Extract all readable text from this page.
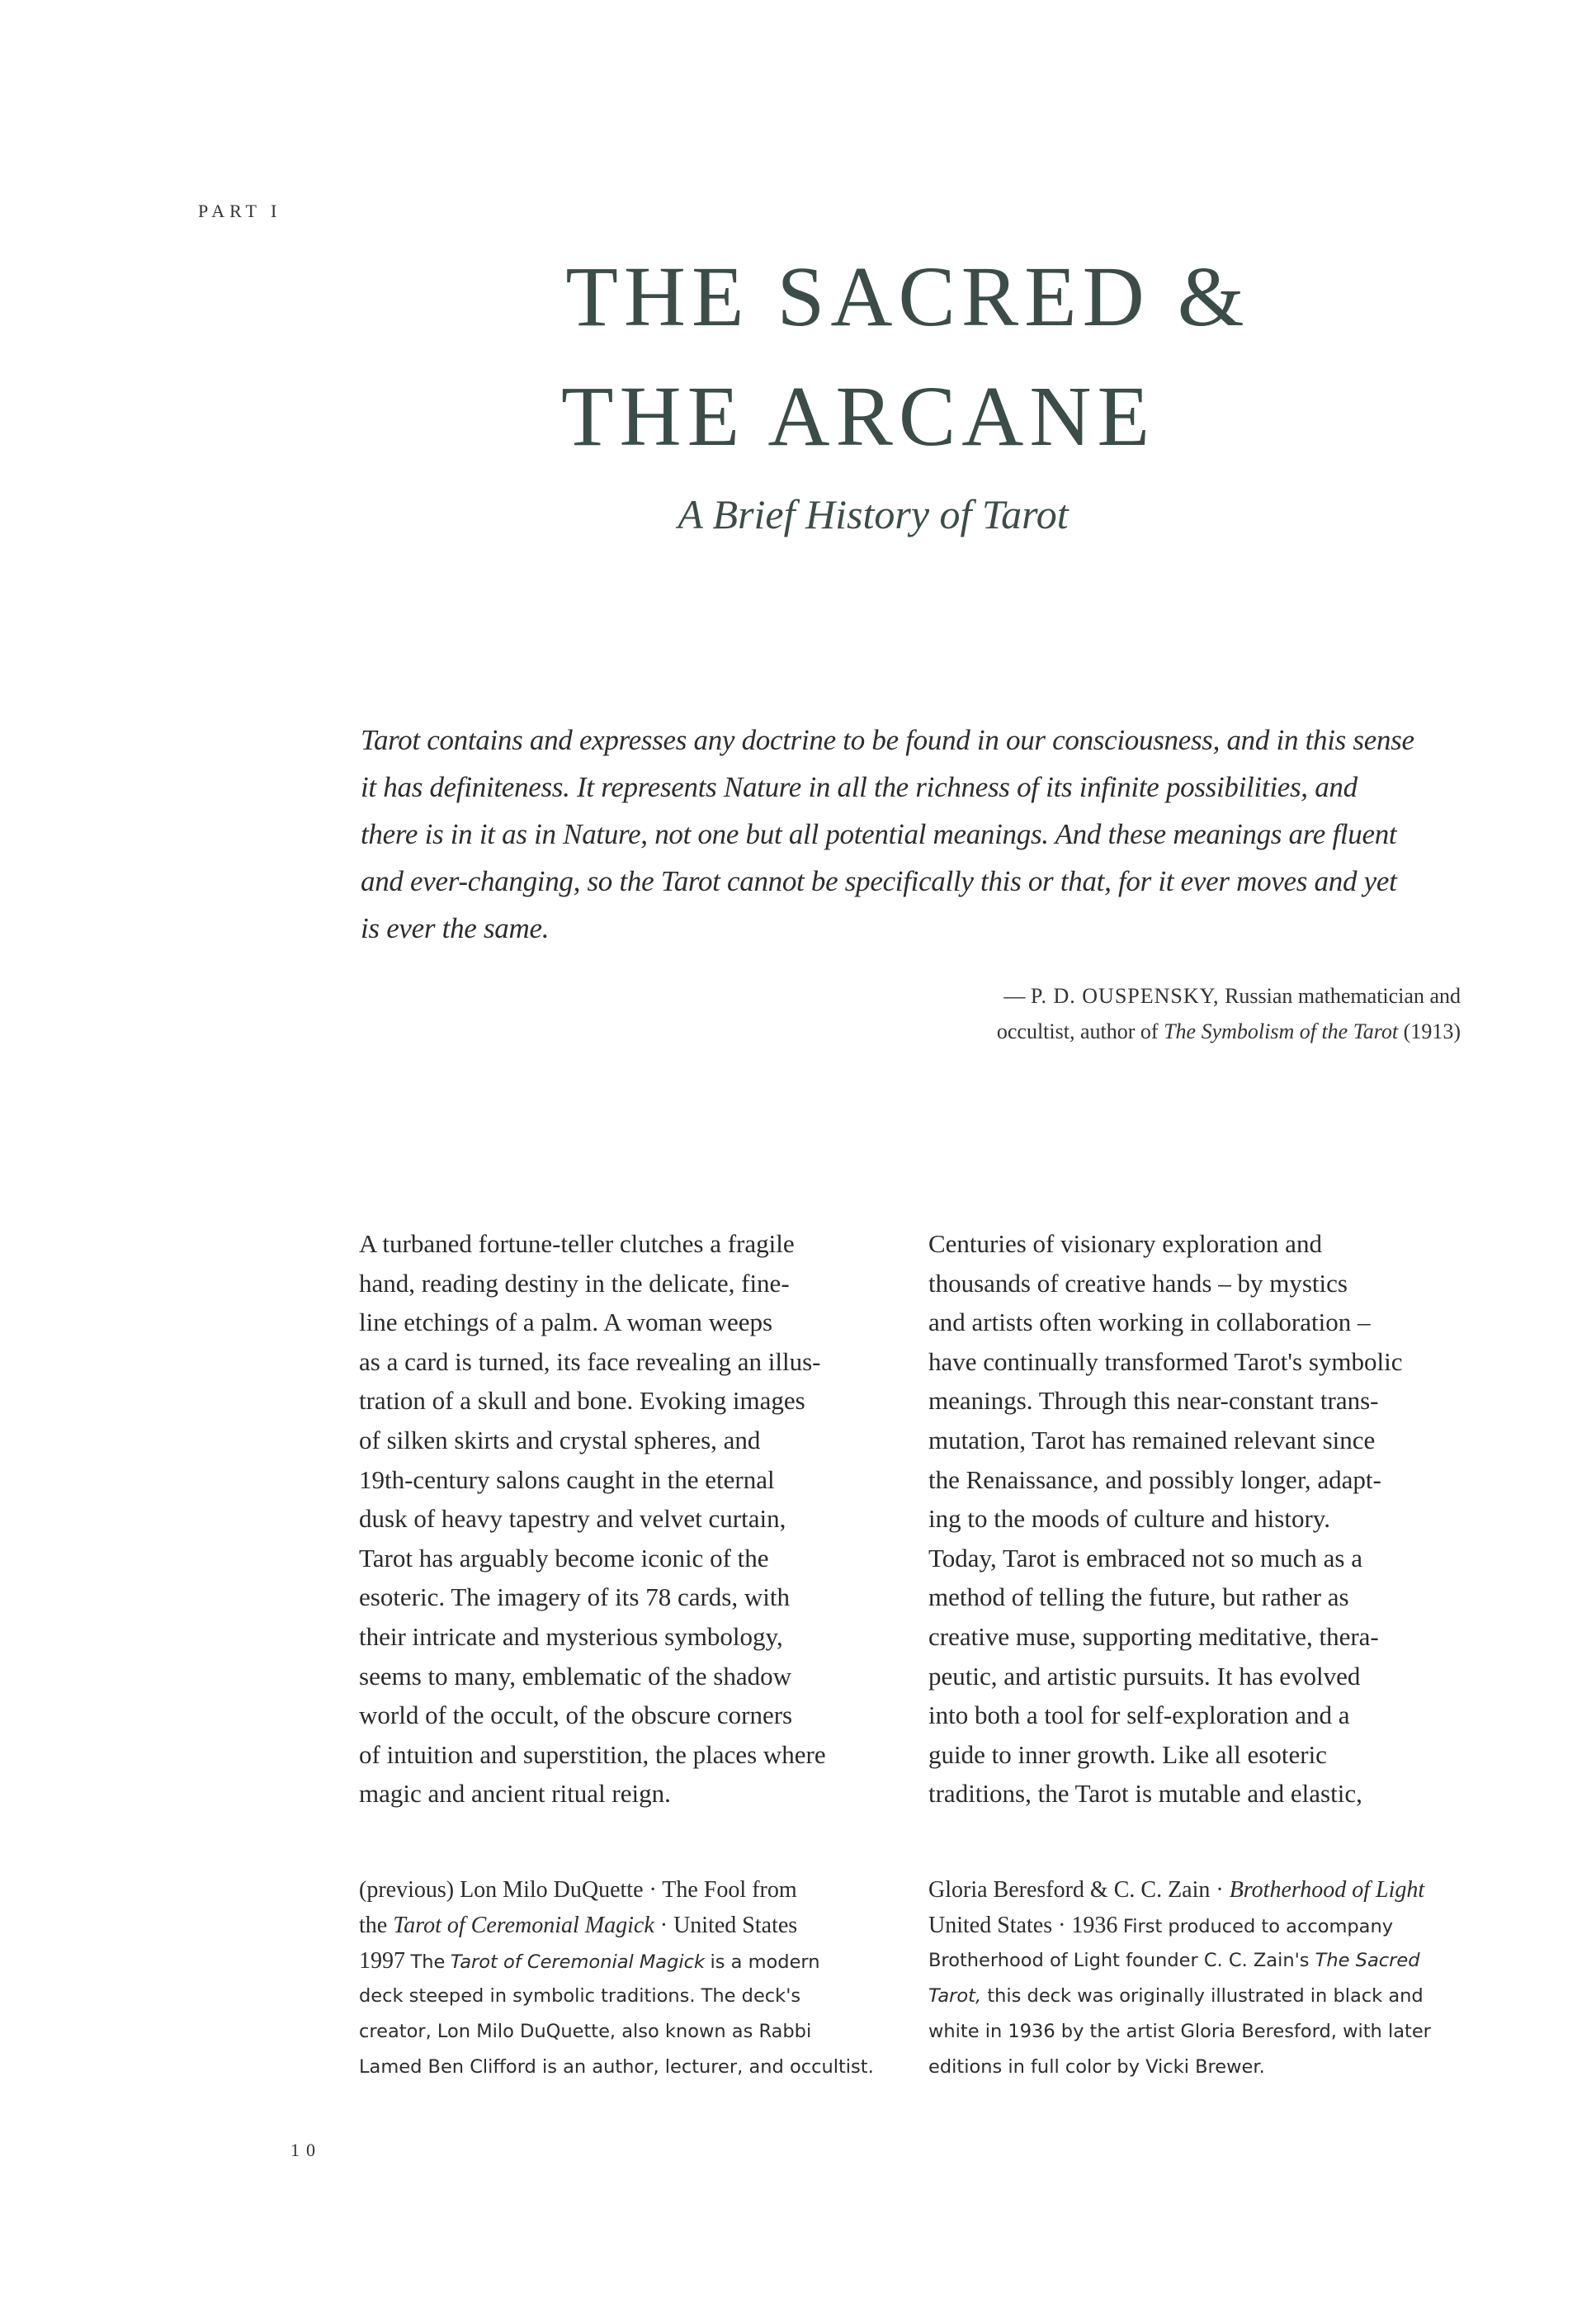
PART I
THE SACRED &
THE ARCANE
A Brief History of Tarot
Tarot contains and expresses any doctrine to be found in our consciousness, and in this sense
it has definiteness. It represents Nature in all the richness of its infinite possibilities, and
there is in it as in Nature, not one but all potential meanings. And these meanings are fluent
and ever-changing, so the Tarot cannot be specifically this or that, for it ever moves and yet
is ever the same.
— P. D. OUSPENSKY, Russian mathematician and
occultist, author of The Symbolism of the Tarot (1913)
A turbaned fortune-teller clutches a fragile
hand, reading destiny in the delicate, fine-
line etchings of a palm. A woman weeps
as a card is turned, its face revealing an illus-
tration of a skull and bone. Evoking images
of silken skirts and crystal spheres, and
19th-century salons caught in the eternal
dusk of heavy tapestry and velvet curtain,
Tarot has arguably become iconic of the
esoteric. The imagery of its 78 cards, with
their intricate and mysterious symbology,
seems to many, emblematic of the shadow
world of the occult, of the obscure corners
of intuition and superstition, the places where
magic and ancient ritual reign.
Centuries of visionary exploration and
thousands of creative hands – by mystics
and artists often working in collaboration –
have continually transformed Tarot's symbolic
meanings. Through this near-constant trans-
mutation, Tarot has remained relevant since
the Renaissance, and possibly longer, adapt-
ing to the moods of culture and history.
Today, Tarot is embraced not so much as a
method of telling the future, but rather as
creative muse, supporting meditative, thera-
peutic, and artistic pursuits. It has evolved
into both a tool for self-exploration and a
guide to inner growth. Like all esoteric
traditions, the Tarot is mutable and elastic,
(previous) Lon Milo DuQuette · The Fool from
the Tarot of Ceremonial Magick · United States
1997 The Tarot of Ceremonial Magick is a modern
deck steeped in symbolic traditions. The deck's
creator, Lon Milo DuQuette, also known as Rabbi
Lamed Ben Clifford is an author, lecturer, and occultist.
Gloria Beresford & C. C. Zain · Brotherhood of Light
United States · 1936 First produced to accompany
Brotherhood of Light founder C. C. Zain's The Sacred
Tarot, this deck was originally illustrated in black and
white in 1936 by the artist Gloria Beresford, with later
editions in full color by Vicki Brewer.
10
